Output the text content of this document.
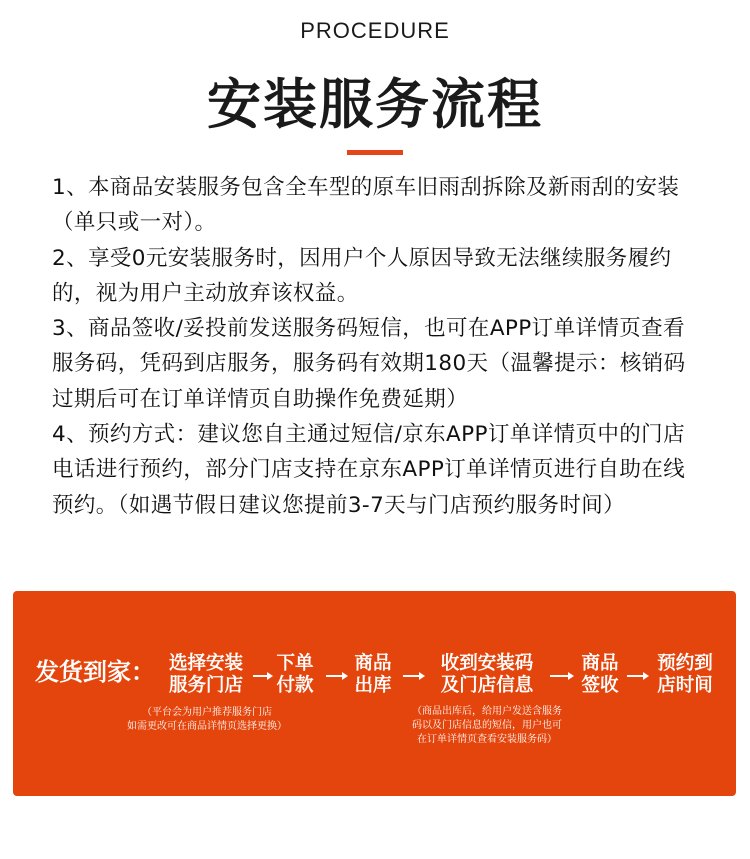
PROCEDURE
安装服务流程

1、本商品安装服务包含全车型的原车旧雨刮拆除及新雨刮的安装（单只或一对）。

2、享受0元安装服务时，因用户个人原因导致无法继续服务履约的，视为用户主动放弃该权益。

3、商品签收/妥投前发送服务码短信，也可在APP订单详情页查看服务码，凭码到店服务，服务码有效期180天（温馨提示：核销码过期后可在订单详情页自助操作免费延期）

4、预约方式：建议您自主通过短信/京东APP订单详情页中的门店电话进行预约，部分门店支持在京东APP订单详情页进行自助在线预约。（如遇节假日建议您提前3-7天与门店预约服务时间）

发货到家： 选择安装
服务门店
下单
付款
商品
出库
收到安装码
及门店信息
商品
签收
预约到
店时间
（平台会为用户推荐服务门店
如需更改可在商品详情页选择更换）
（商品出库后，给用户发送含服务
码以及门店信息的短信，用户也可
在订单详情页查看安装服务码）
